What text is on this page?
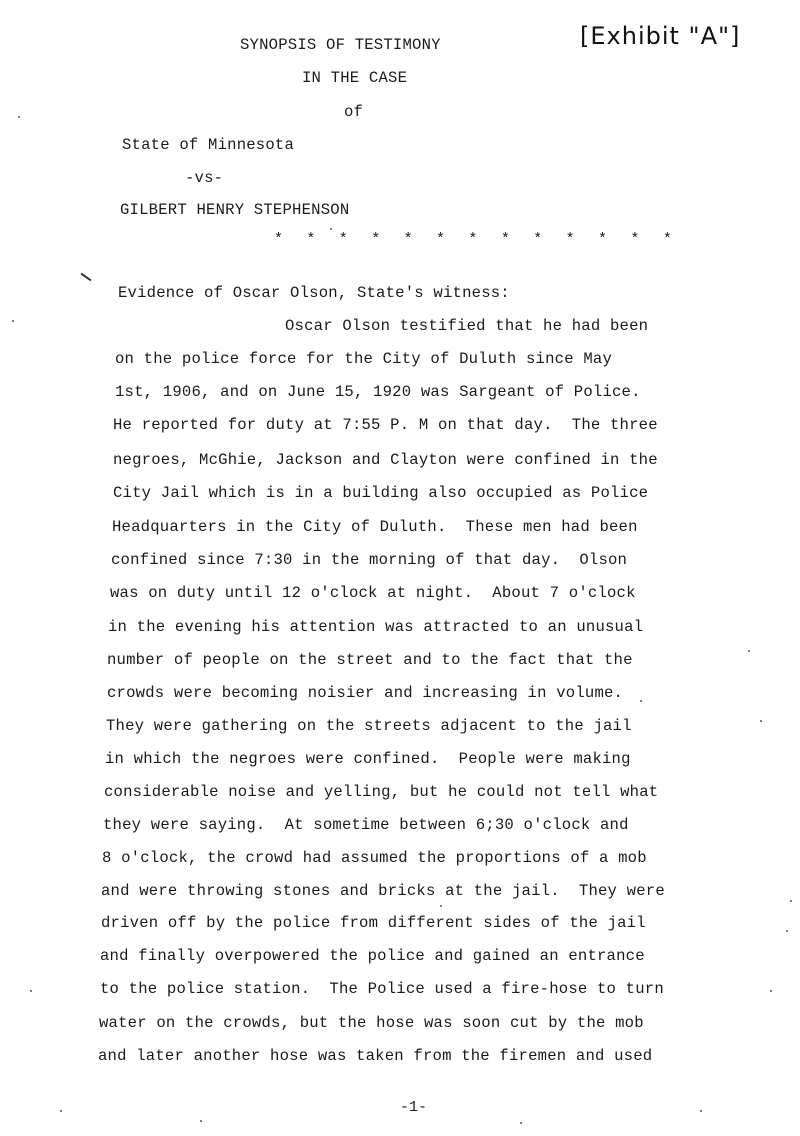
[Exhibit "A"]
SYNOPSIS OF TESTIMONY
IN THE CASE
of
State of Minnesota
-vs-
GILBERT HENRY STEPHENSON
* * * * * * * * * * * * *
Evidence of Oscar Olson, State's witness:
Oscar Olson testified that he had been
on the police force for the City of Duluth since May
1st, 1906, and on June 15, 1920 was Sargeant of Police.
He reported for duty at 7:55 P. M on that day.  The three
negroes, McGhie, Jackson and Clayton were confined in the
City Jail which is in a building also occupied as Police
Headquarters in the City of Duluth.  These men had been
confined since 7:30 in the morning of that day.  Olson
was on duty until 12 o'clock at night.  About 7 o'clock
in the evening his attention was attracted to an unusual
number of people on the street and to the fact that the
crowds were becoming noisier and increasing in volume.
They were gathering on the streets adjacent to the jail
in which the negroes were confined.  People were making
considerable noise and yelling, but he could not tell what
they were saying.  At sometime between 6;30 o'clock and
8 o'clock, the crowd had assumed the proportions of a mob
and were throwing stones and bricks at the jail.  They were
driven off by the police from different sides of the jail
and finally overpowered the police and gained an entrance
to the police station.  The Police used a fire-hose to turn
water on the crowds, but the hose was soon cut by the mob
and later another hose was taken from the firemen and used
-1-
